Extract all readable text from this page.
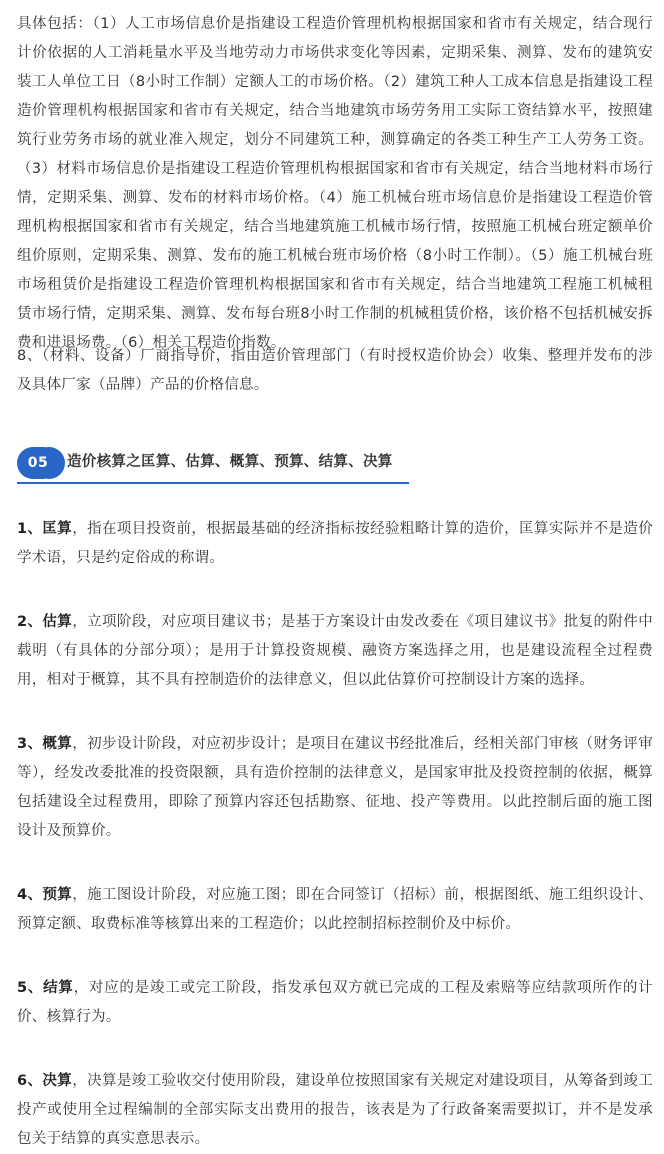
具体包括：（1）人工市场信息价是指建设工程造价管理机构根据国家和省市有关规定，结合现行计价依据的人工消耗量水平及当地劳动力市场供求变化等因素，定期采集、测算、发布的建筑安装工人单位工日（8小时工作制）定额人工的市场价格。（2）建筑工种人工成本信息是指建设工程造价管理机构根据国家和省市有关规定，结合当地建筑市场劳务用工实际工资结算水平，按照建筑行业劳务市场的就业准入规定，划分不同建筑工种，测算确定的各类工种生产工人劳务工资。（3）材料市场信息价是指建设工程造价管理机构根据国家和省市有关规定，结合当地材料市场行情，定期采集、测算、发布的材料市场价格。（4）施工机械台班市场信息价是指建设工程造价管理机构根据国家和省市有关规定，结合当地建筑施工机械市场行情，按照施工机械台班定额单价组价原则，定期采集、测算、发布的施工机械台班市场价格（8小时工作制）。（5）施工机械台班市场租赁价是指建设工程造价管理机构根据国家和省市有关规定，结合当地建筑工程施工机械租赁市场行情，定期采集、测算、发布每台班8小时工作制的机械租赁价格，该价格不包括机械安拆费和进退场费。（6）相关工程造价指数。

8、（材料、设备）厂商指导价，指由造价管理部门（有时授权造价协会）收集、整理并发布的涉及具体厂家（品牌）产品的价格信息。

05	造价核算之匡算、估算、概算、预算、结算、决算

1、匡算，指在项目投资前，根据最基础的经济指标按经验粗略计算的造价，匡算实际并不是造价学术语，只是约定俗成的称谓。

2、估算，立项阶段，对应项目建议书；是基于方案设计由发改委在《项目建议书》批复的附件中载明（有具体的分部分项）；是用于计算投资规模、融资方案选择之用，也是建设流程全过程费用，相对于概算，其不具有控制造价的法律意义，但以此估算价可控制设计方案的选择。

3、概算，初步设计阶段，对应初步设计；是项目在建议书经批准后，经相关部门审核（财务评审等），经发改委批准的投资限额，具有造价控制的法律意义，是国家审批及投资控制的依据，概算包括建设全过程费用，即除了预算内容还包括勘察、征地、投产等费用。以此控制后面的施工图设计及预算价。

4、预算，施工图设计阶段，对应施工图；即在合同签订（招标）前，根据图纸、施工组织设计、预算定额、取费标准等核算出来的工程造价；以此控制招标控制价及中标价。

5、结算，对应的是竣工或完工阶段，指发承包双方就已完成的工程及索赔等应结款项所作的计价、核算行为。

6、决算，决算是竣工验收交付使用阶段，建设单位按照国家有关规定对建设项目，从筹备到竣工投产或使用全过程编制的全部实际支出费用的报告，该表是为了行政备案需要拟订，并不是发承包关于结算的真实意思表示。
